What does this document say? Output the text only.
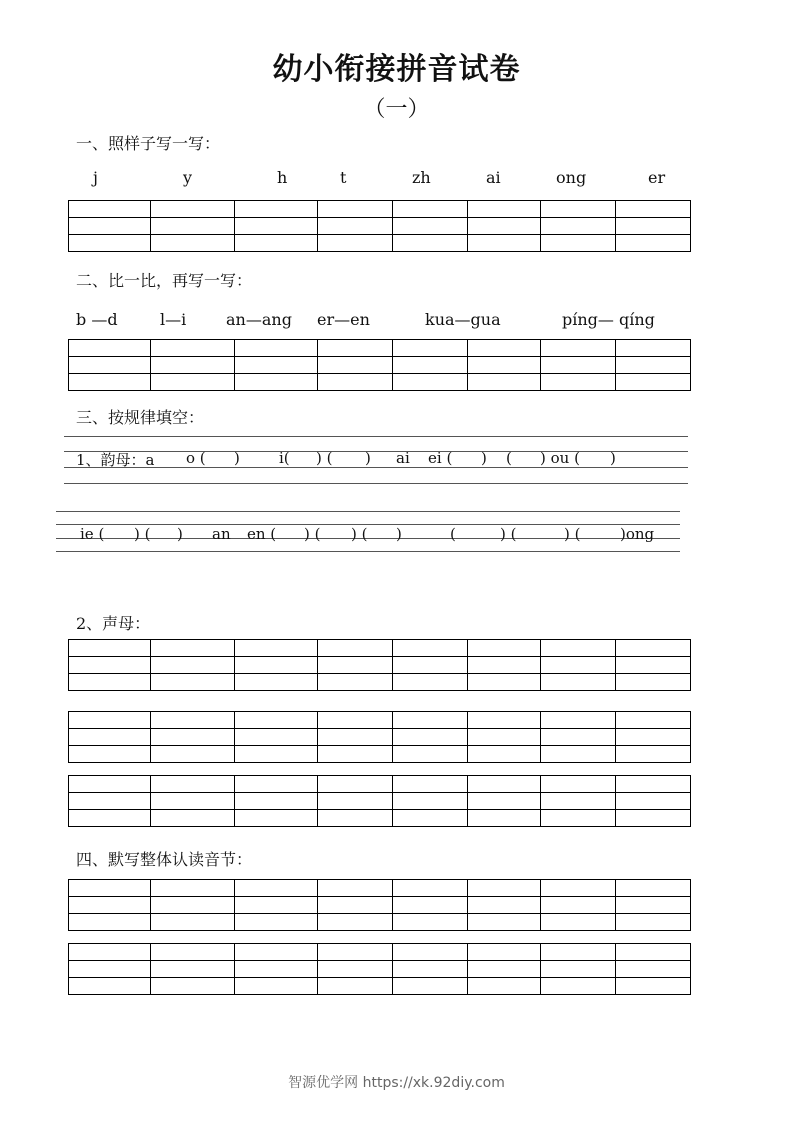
幼小衔接拼音试卷
（一）
一、照样子写一写：
j	y	h	t	zh	ai	ong	er

二、比一比，再写一写：
b —d	l—i an—ang er—en	kua—gua	píng— qíng

三、按规律填空：
1、韵母：a o ( )	i( ) ( ) ai ei ( ) ( ) ou ( )
ie ( ) ( ) an en ( ) ( ) ( )	(	) (	) (	)ong
2、声母：

四、默写整体认读音节：

智源优学网 https://xk.92diy.com
